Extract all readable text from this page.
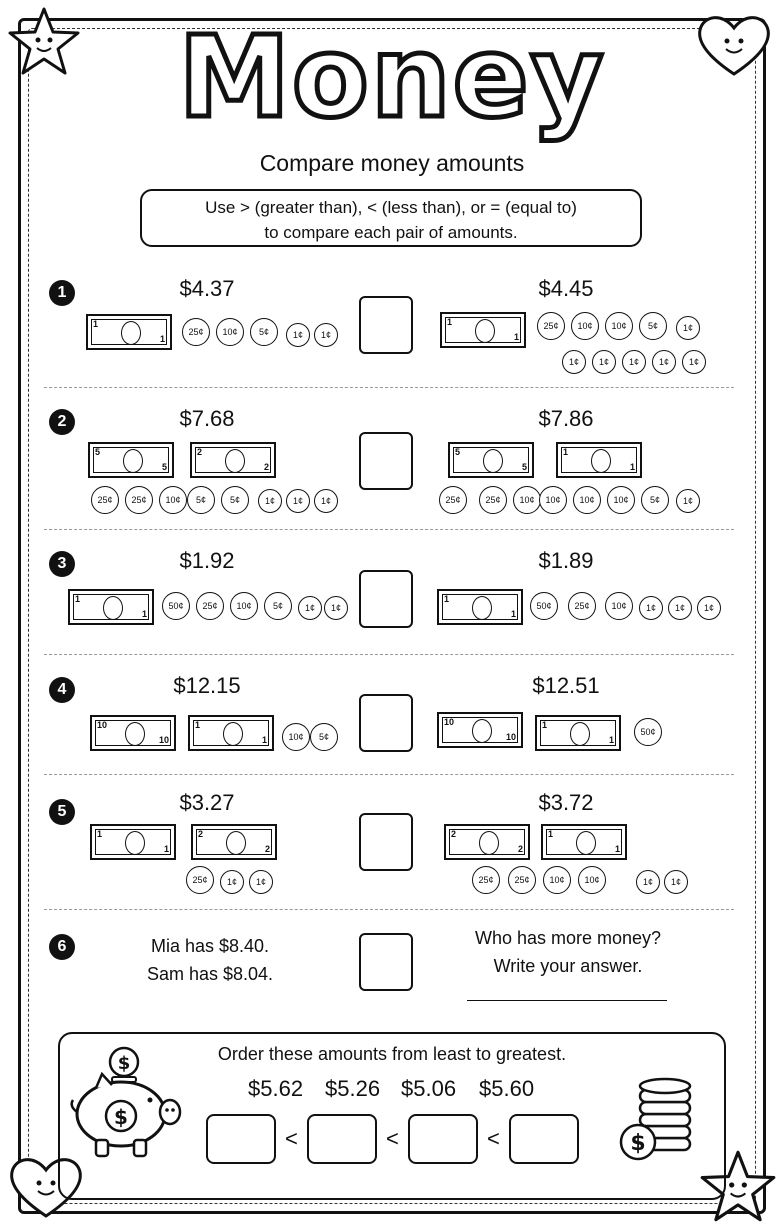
Money
Compare money amounts
Use > (greater than), < (less than), or = (equal to)
to compare each pair of amounts.
1	$4.37	$4.45
1
1
25¢	10¢	5¢	1¢	1¢
1
1
25¢	10¢	10¢	5¢	1¢
1¢	1¢	1¢	1¢	1¢
2	$7.68	$7.86
5
5
2
2
25¢	25¢	10¢	5¢	5¢	1¢	1¢	1¢
5
5
1
1
25¢	25¢	10¢	10¢	10¢	10¢	5¢	1¢
3	$1.92	$1.89
1
1
50¢	25¢	10¢	5¢	1¢	1¢
1
1
50¢	25¢	10¢	1¢	1¢	1¢
4	$12.15	$12.51
10
10
1
1	10¢	5¢
10
10
1
1
50¢
5	$3.27	$3.72
1
1
2
2
25¢	1¢	1¢
2
2
1
1
25¢	25¢	10¢	10¢	1¢	1¢
6	Mia has $8.40.
Sam has $8.04.
Who has more money?
Write your answer.
Order these amounts from least to greatest.
$5.62 $5.26 $5.06 $5.60
<	<	<
$
$
$
